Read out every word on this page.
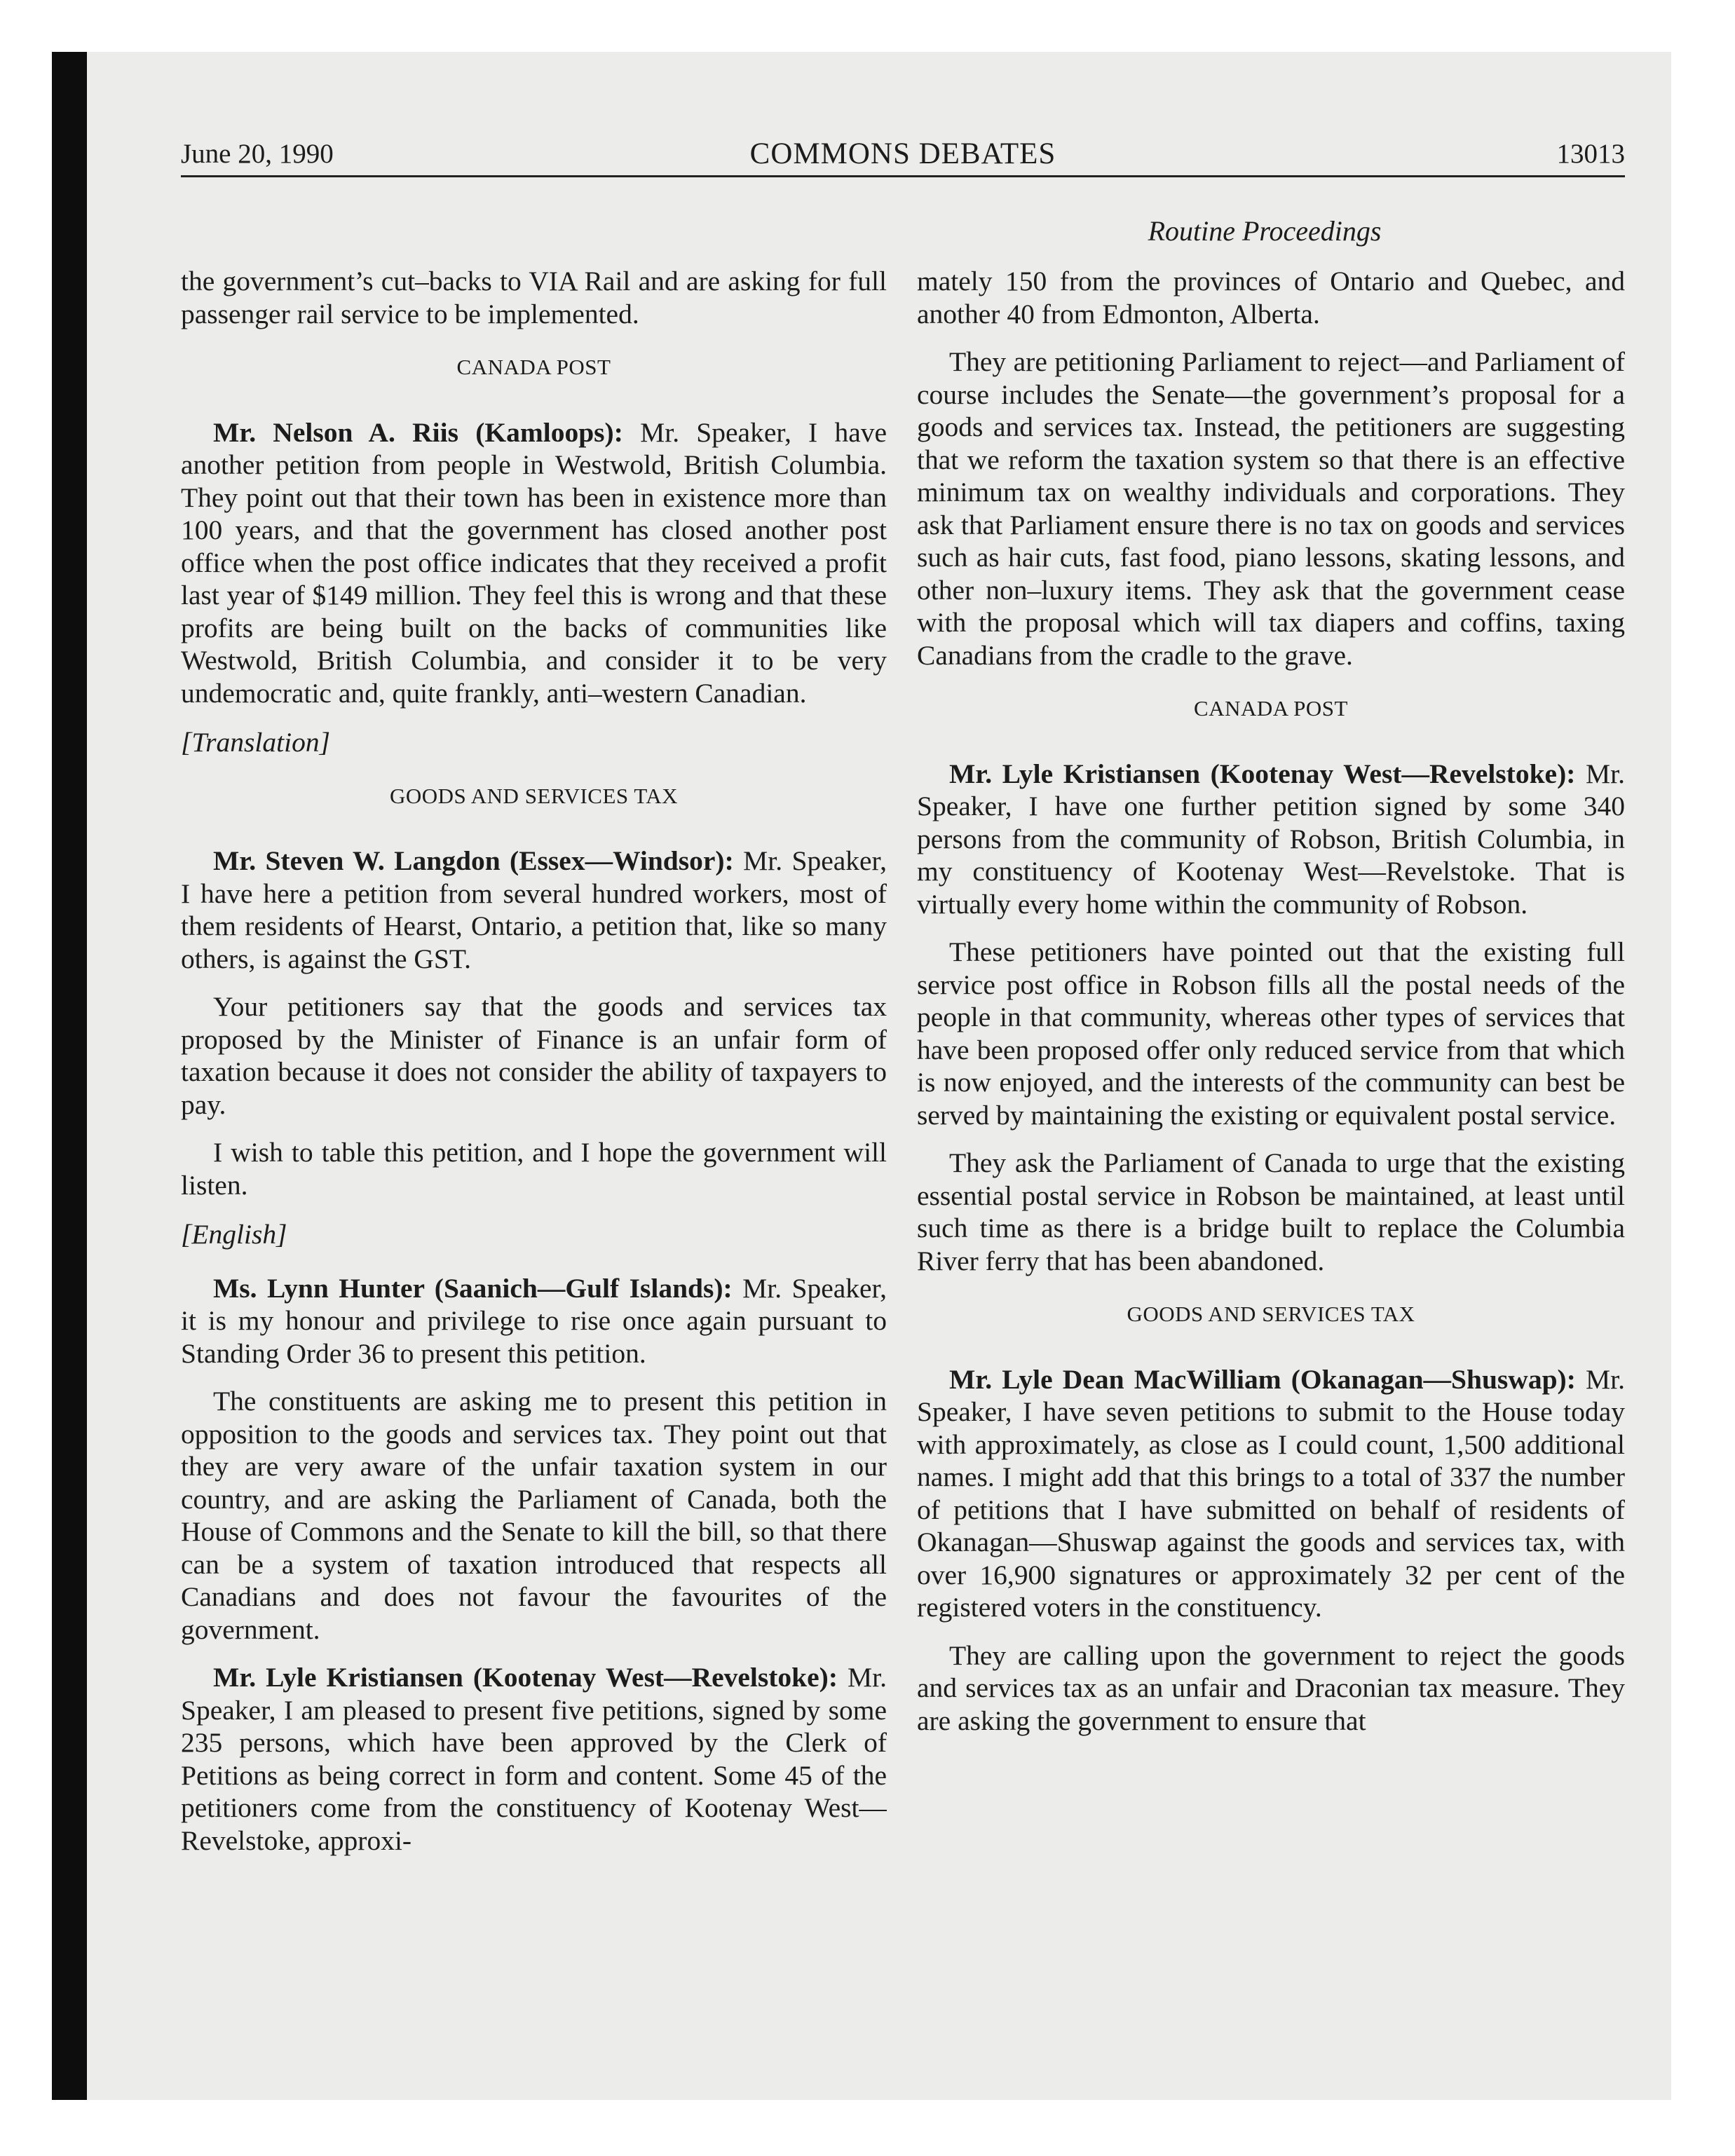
June 20, 1990	COMMONS DEBATES	13013
Routine Proceedings

the government’s cut–backs to VIA Rail and are asking for full passenger rail service to be implemented.

CANADA POST

Mr. Nelson A. Riis (Kamloops): Mr. Speaker, I have another petition from people in Westwold, British Columbia. They point out that their town has been in existence more than 100 years, and that the government has closed another post office when the post office indicates that they received a profit last year of $149 million. They feel this is wrong and that these profits are being built on the backs of communities like Westwold, British Columbia, and consider it to be very undemocratic and, quite frankly, anti–western Canadian.

[Translation]

GOODS AND SERVICES TAX

Mr. Steven W. Langdon (Essex—Windsor): Mr. Speaker, I have here a petition from several hundred workers, most of them residents of Hearst, Ontario, a petition that, like so many others, is against the GST.

Your petitioners say that the goods and services tax proposed by the Minister of Finance is an unfair form of taxation because it does not consider the ability of taxpayers to pay.

I wish to table this petition, and I hope the government will listen.

[English]

Ms. Lynn Hunter (Saanich—Gulf Islands): Mr. Speaker, it is my honour and privilege to rise once again pursuant to Standing Order 36 to present this petition.

The constituents are asking me to present this petition in opposition to the goods and services tax. They point out that they are very aware of the unfair taxation system in our country, and are asking the Parliament of Canada, both the House of Commons and the Senate to kill the bill, so that there can be a system of taxation introduced that respects all Canadians and does not favour the favourites of the government.

Mr. Lyle Kristiansen (Kootenay West—Revelstoke): Mr. Speaker, I am pleased to present five petitions, signed by some 235 persons, which have been approved by the Clerk of Petitions as being correct in form and content. Some 45 of the petitioners come from the constituency of Kootenay West—Revelstoke, approxi-

mately 150 from the provinces of Ontario and Quebec, and another 40 from Edmonton, Alberta.

They are petitioning Parliament to reject—and Parliament of course includes the Senate—the government’s proposal for a goods and services tax. Instead, the petitioners are suggesting that we reform the taxation system so that there is an effective minimum tax on wealthy individuals and corporations. They ask that Parliament ensure there is no tax on goods and services such as hair cuts, fast food, piano lessons, skating lessons, and other non–luxury items. They ask that the government cease with the proposal which will tax diapers and coffins, taxing Canadians from the cradle to the grave.

CANADA POST

Mr. Lyle Kristiansen (Kootenay West—Revelstoke): Mr. Speaker, I have one further petition signed by some 340 persons from the community of Robson, British Columbia, in my constituency of Kootenay West—Revelstoke. That is virtually every home within the community of Robson.

These petitioners have pointed out that the existing full service post office in Robson fills all the postal needs of the people in that community, whereas other types of services that have been proposed offer only reduced service from that which is now enjoyed, and the interests of the community can best be served by maintaining the existing or equivalent postal service.

They ask the Parliament of Canada to urge that the existing essential postal service in Robson be maintained, at least until such time as there is a bridge built to replace the Columbia River ferry that has been abandoned.

GOODS AND SERVICES TAX

Mr. Lyle Dean MacWilliam (Okanagan—Shuswap): Mr. Speaker, I have seven petitions to submit to the House today with approximately, as close as I could count, 1,500 additional names. I might add that this brings to a total of 337 the number of petitions that I have submitted on behalf of residents of Okanagan—Shuswap against the goods and services tax, with over 16,900 signatures or approximately 32 per cent of the registered voters in the constituency.

They are calling upon the government to reject the goods and services tax as an unfair and Draconian tax measure. They are asking the government to ensure that
